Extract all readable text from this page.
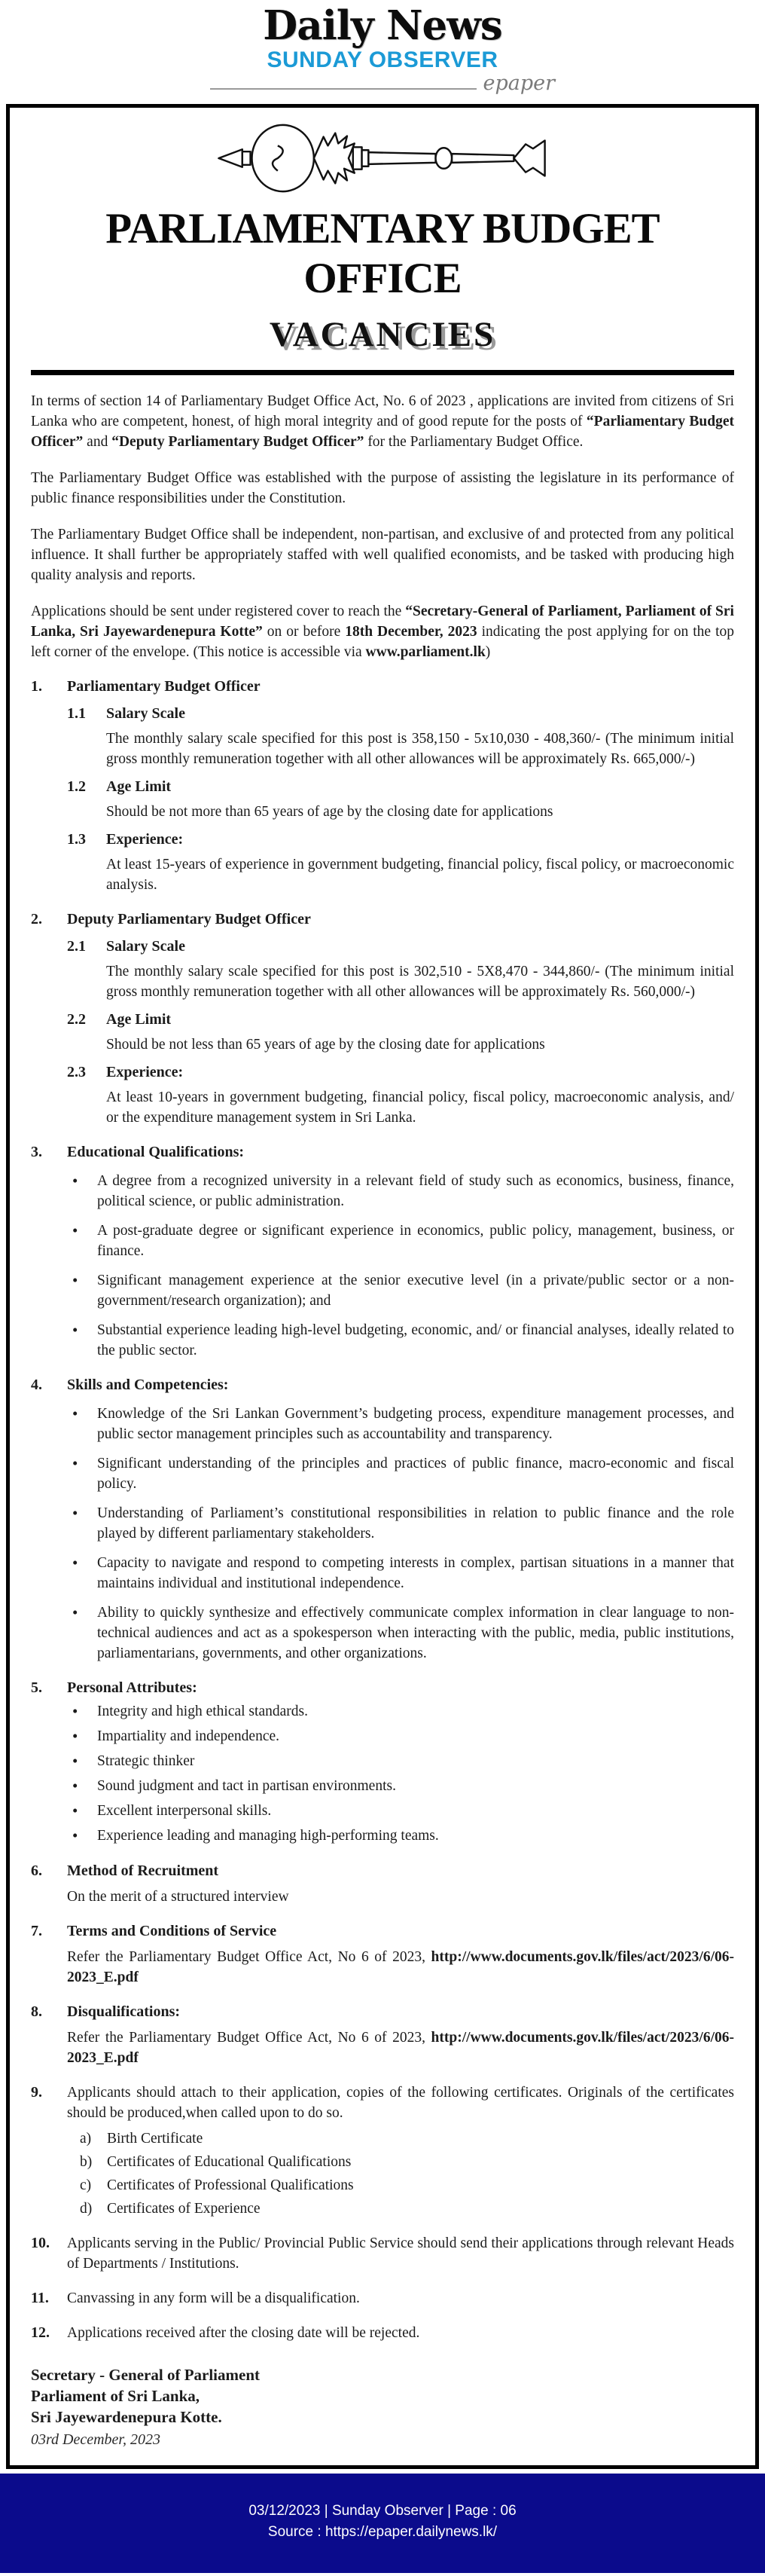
Daily News
SUNDAY OBSERVER
epaper
PARLIAMENTARY BUDGET OFFICE
VACANCIES

In terms of section 14 of Parliamentary Budget Office Act, No. 6 of 2023 , applications are invited from citizens of Sri Lanka who are competent, honest, of high moral integrity and of good repute for the posts of “Parliamentary Budget Officer” and “Deputy Parliamentary Budget Officer” for the Parliamentary Budget Office.

The Parliamentary Budget Office was established with the purpose of assisting the legislature in its performance of public finance responsibilities under the Constitution.

The Parliamentary Budget Office shall be independent, non-partisan, and exclusive of and protected from any political influence. It shall further be appropriately staffed with well qualified economists, and be tasked with producing high quality analysis and reports.

Applications should be sent under registered cover to reach the “Secretary-General of Parliament, Parliament of Sri Lanka, Sri Jayewardenepura Kotte” on or before 18th December, 2023 indicating the post applying for on the top left corner of the envelope. (This notice is accessible via www.parliament.lk)

1.	Parliamentary Budget Officer
1.1	Salary Scale
The monthly salary scale specified for this post is 358,150 - 5x10,030 - 408,360/- (The minimum initial gross monthly remuneration together with all other allowances will be approximately Rs. 665,000/-)
1.2	Age Limit
Should be not more than 65 years of age by the closing date for applications
1.3	Experience:
At least 15-years of experience in government budgeting, financial policy, fiscal policy, or macroeconomic analysis.
2.	Deputy Parliamentary Budget Officer
2.1	Salary Scale
The monthly salary scale specified for this post is 302,510 - 5X8,470 - 344,860/- (The minimum initial gross monthly remuneration together with all other allowances will be approximately Rs. 560,000/-)
2.2	Age Limit
Should be not less than 65 years of age by the closing date for applications
2.3	Experience:
At least 10-years in government budgeting, financial policy, fiscal policy, macroeconomic analysis, and/ or the expenditure management system in Sri Lanka.
3.	Educational Qualifications:
•
A degree from a recognized university in a relevant field of study such as economics, business, finance, political science, or public administration.
•
A post-graduate degree or significant experience in economics, public policy, management, business, or finance.
•
Significant management experience at the senior executive level (in a private/public sector or a non-government/research organization); and
•
Substantial experience leading high-level budgeting, economic, and/ or financial analyses, ideally related to the public sector.
4.	Skills and Competencies:
•
Knowledge of the Sri Lankan Government’s budgeting process, expenditure management processes, and public sector management principles such as accountability and transparency.
•
Significant understanding of the principles and practices of public finance, macro-economic and fiscal policy.
•
Understanding of Parliament’s constitutional responsibilities in relation to public finance and the role played by different parliamentary stakeholders.
•
Capacity to navigate and respond to competing interests in complex, partisan situations in a manner that maintains individual and institutional independence.
•
Ability to quickly synthesize and effectively communicate complex information in clear language to non-technical audiences and act as a spokesperson when interacting with the public, media, public institutions, parliamentarians, governments, and other organizations.
5.	Personal Attributes:
•
Integrity and high ethical standards.
•
Impartiality and independence.
•
Strategic thinker
•
Sound judgment and tact in partisan environments.
•
Excellent interpersonal skills.
•
Experience leading and managing high-performing teams.
6.	Method of Recruitment
On the merit of a structured interview
7.	Terms and Conditions of Service
Refer the Parliamentary Budget Office Act, No 6 of 2023, http://www.documents.gov.lk/files/act/2023/6/06-2023_E.pdf
8.	Disqualifications:
Refer the Parliamentary Budget Office Act, No 6 of 2023, http://www.documents.gov.lk/files/act/2023/6/06-2023_E.pdf
9.	Applicants should attach to their application, copies of the following certificates. Originals of the certificates should be produced,when called upon to do so.
a)	Birth Certificate
b)	Certificates of Educational Qualifications
c)	Certificates of Professional Qualifications
d)	Certificates of Experience
10.	Applicants serving in the Public/ Provincial Public Service should send their applications through relevant Heads of Departments / Institutions.
11.	Canvassing in any form will be a disqualification.
12.	Applications received after the closing date will be rejected.
Secretary - General of Parliament
Parliament of Sri Lanka,
Sri Jayewardenepura Kotte.
03rd December, 2023
03/12/2023 | Sunday Observer | Page : 06
Source : https://epaper.dailynews.lk/
